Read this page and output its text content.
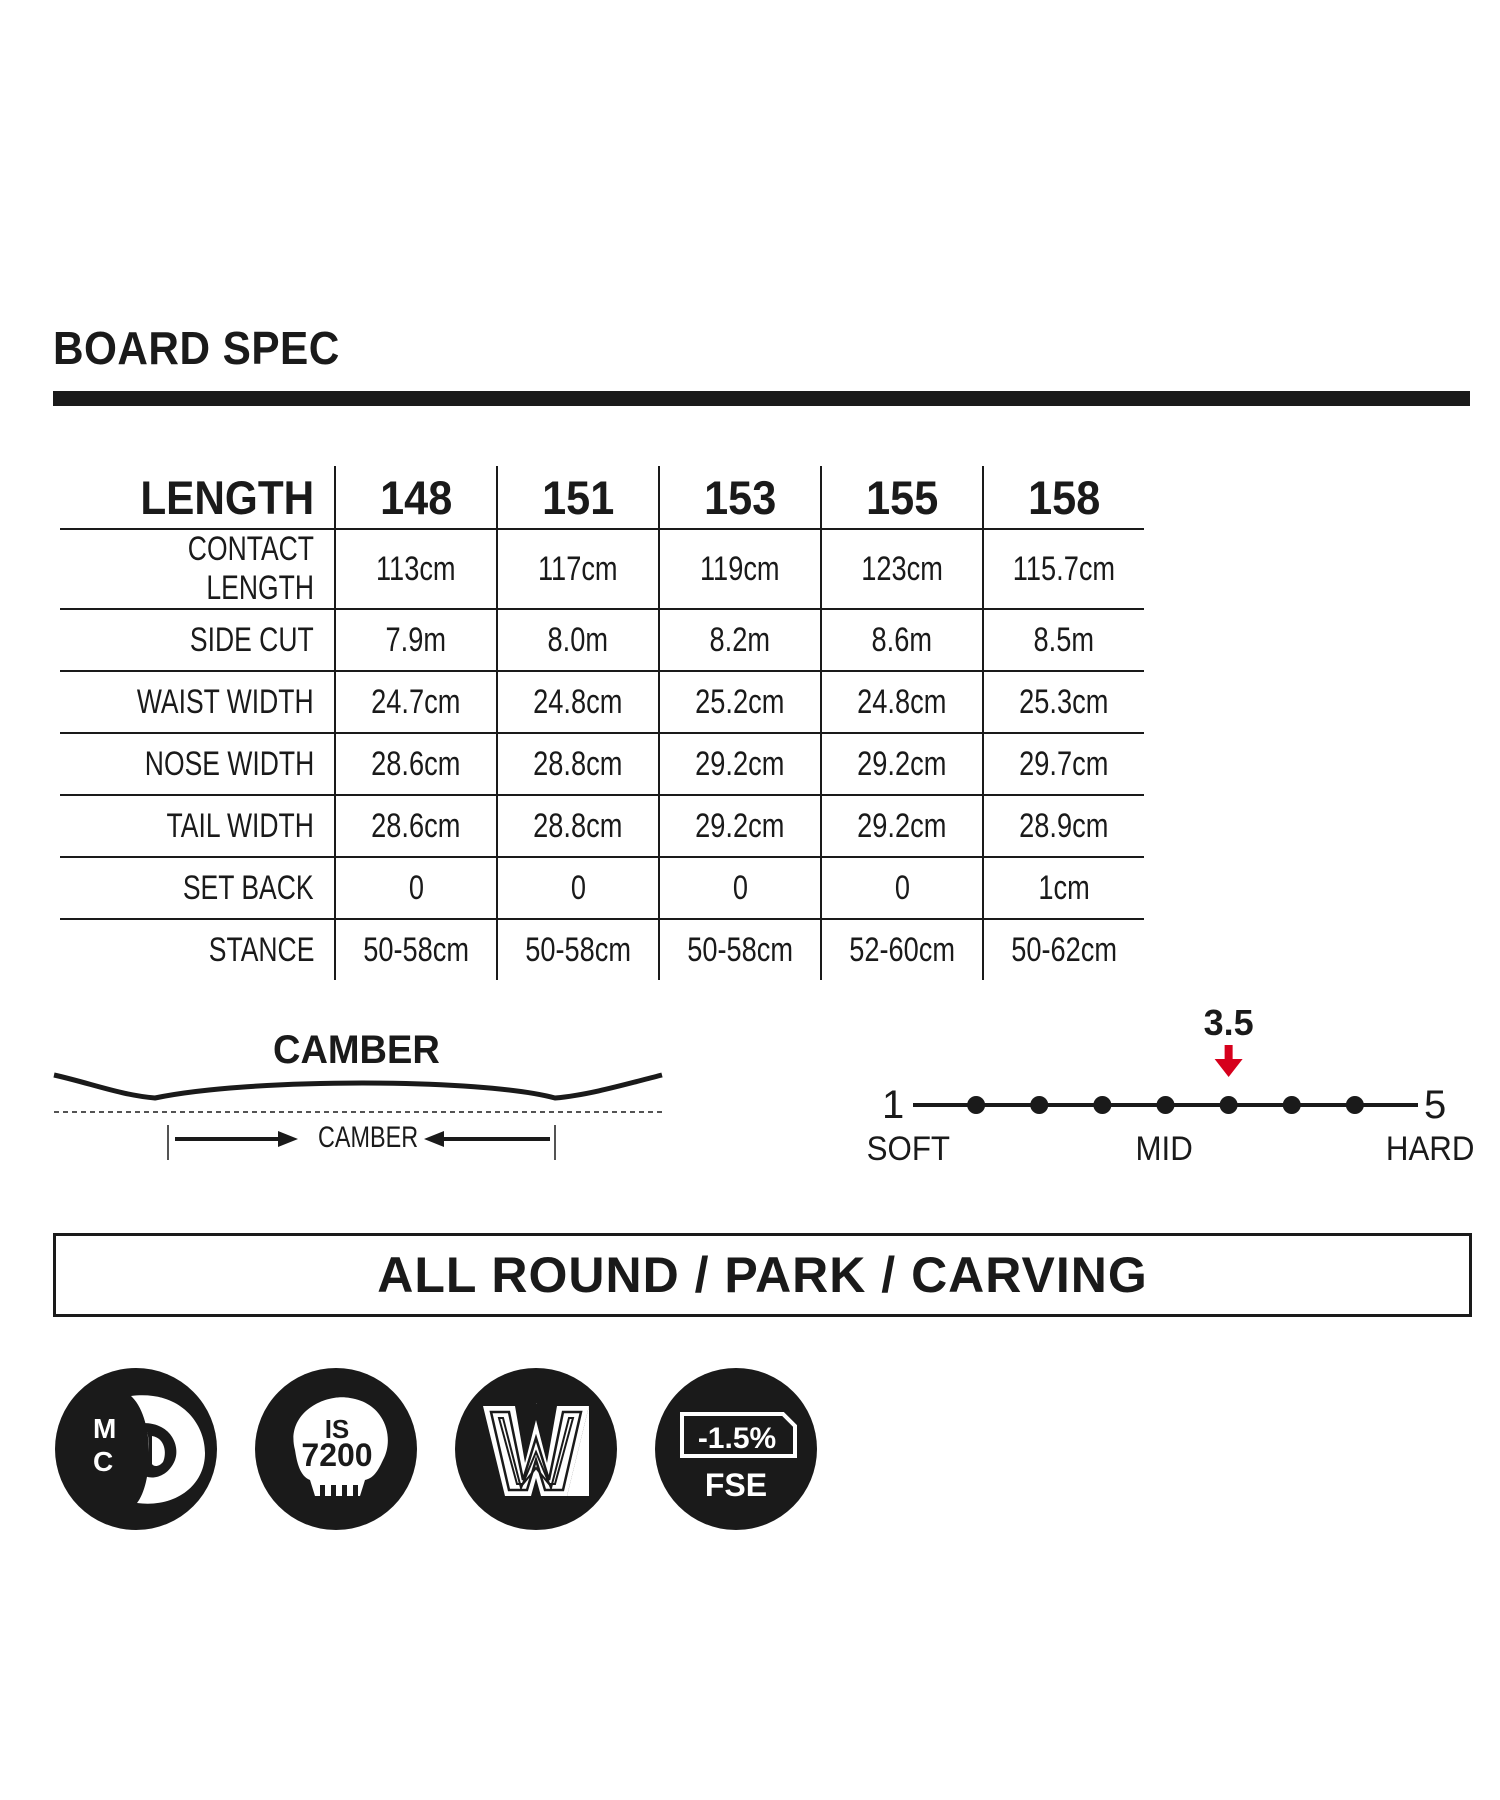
BOARD SPEC
LENGTH	148	151	153	155	158
CONTACT LENGTH	113cm	117cm	119cm	123cm	115.7cm
SIDE CUT	7.9m	8.0m	8.2m	8.6m	8.5m
WAIST WIDTH	24.7cm	24.8cm	25.2cm	24.8cm	25.3cm
NOSE WIDTH	28.6cm	28.8cm	29.2cm	29.2cm	29.7cm
TAIL WIDTH	28.6cm	28.8cm	29.2cm	29.2cm	28.9cm
SET BACK	0	0	0	0	1cm
STANCE	50-58cm	50-58cm	50-58cm	52-60cm	50-62cm
CAMBER
CAMBER
3.5
1	5
SOFT	MID	HARD
ALL ROUND / PARK / CARVING
M
C
IS
7200
W
-1.5%
FSE
